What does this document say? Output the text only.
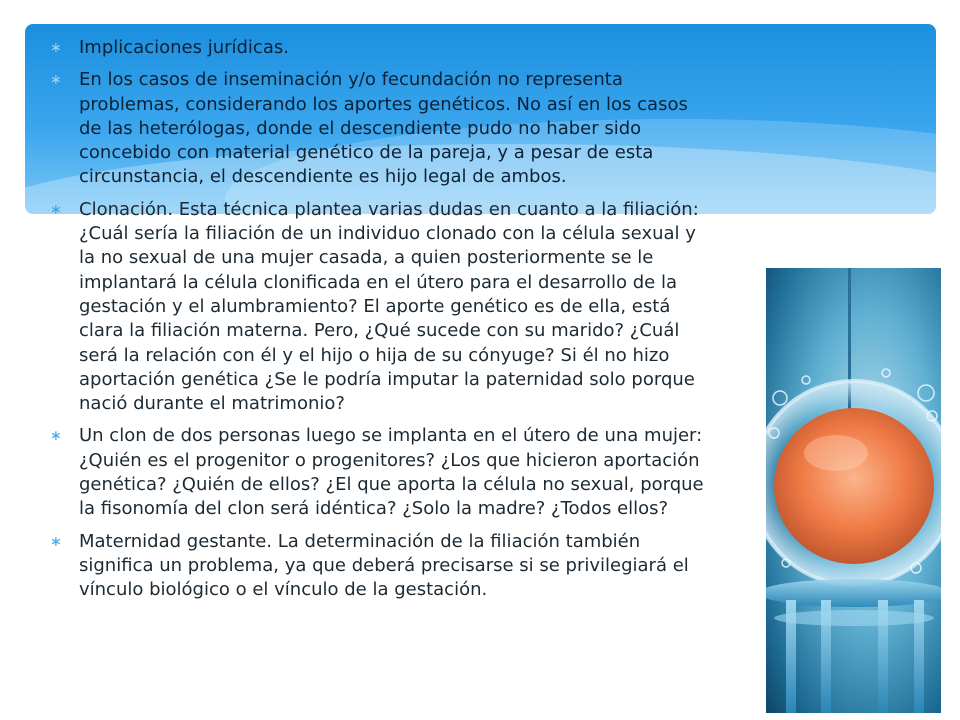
∗ Implicaciones jurídicas.
∗ En los casos de inseminación y/o fecundación no representa problemas, considerando los aportes genéticos. No así en los casos de las heterólogas, donde el descendiente pudo no haber sido concebido con material genético de la pareja, y a pesar de esta circunstancia, el descendiente es hijo legal de ambos.
∗ Clonación. Esta técnica plantea varias dudas en cuanto a la filiación: ¿Cuál sería la filiación de un individuo clonado con la célula sexual y la no sexual de una mujer casada, a quien posteriormente se le implantará la célula clonificada en el útero para el desarrollo de la gestación y el alumbramiento? El aporte genético es de ella, está clara la filiación materna. Pero, ¿Qué sucede con su marido? ¿Cuál será la relación con él y el hijo o hija de su cónyuge? Si él no hizo aportación genética ¿Se le podría imputar la paternidad solo porque nació durante el matrimonio?
∗ Un clon de dos personas luego se implanta en el útero de una mujer: ¿Quién es el progenitor o progenitores? ¿Los que hicieron aportación genética? ¿Quién de ellos? ¿El que aporta la célula no sexual, porque la fisonomía del clon será idéntica? ¿Solo la madre? ¿Todos ellos?
∗ Maternidad gestante. La determinación de la filiación también significa un problema, ya que deberá precisarse si se privilegiará el vínculo biológico o el vínculo de la gestación.
